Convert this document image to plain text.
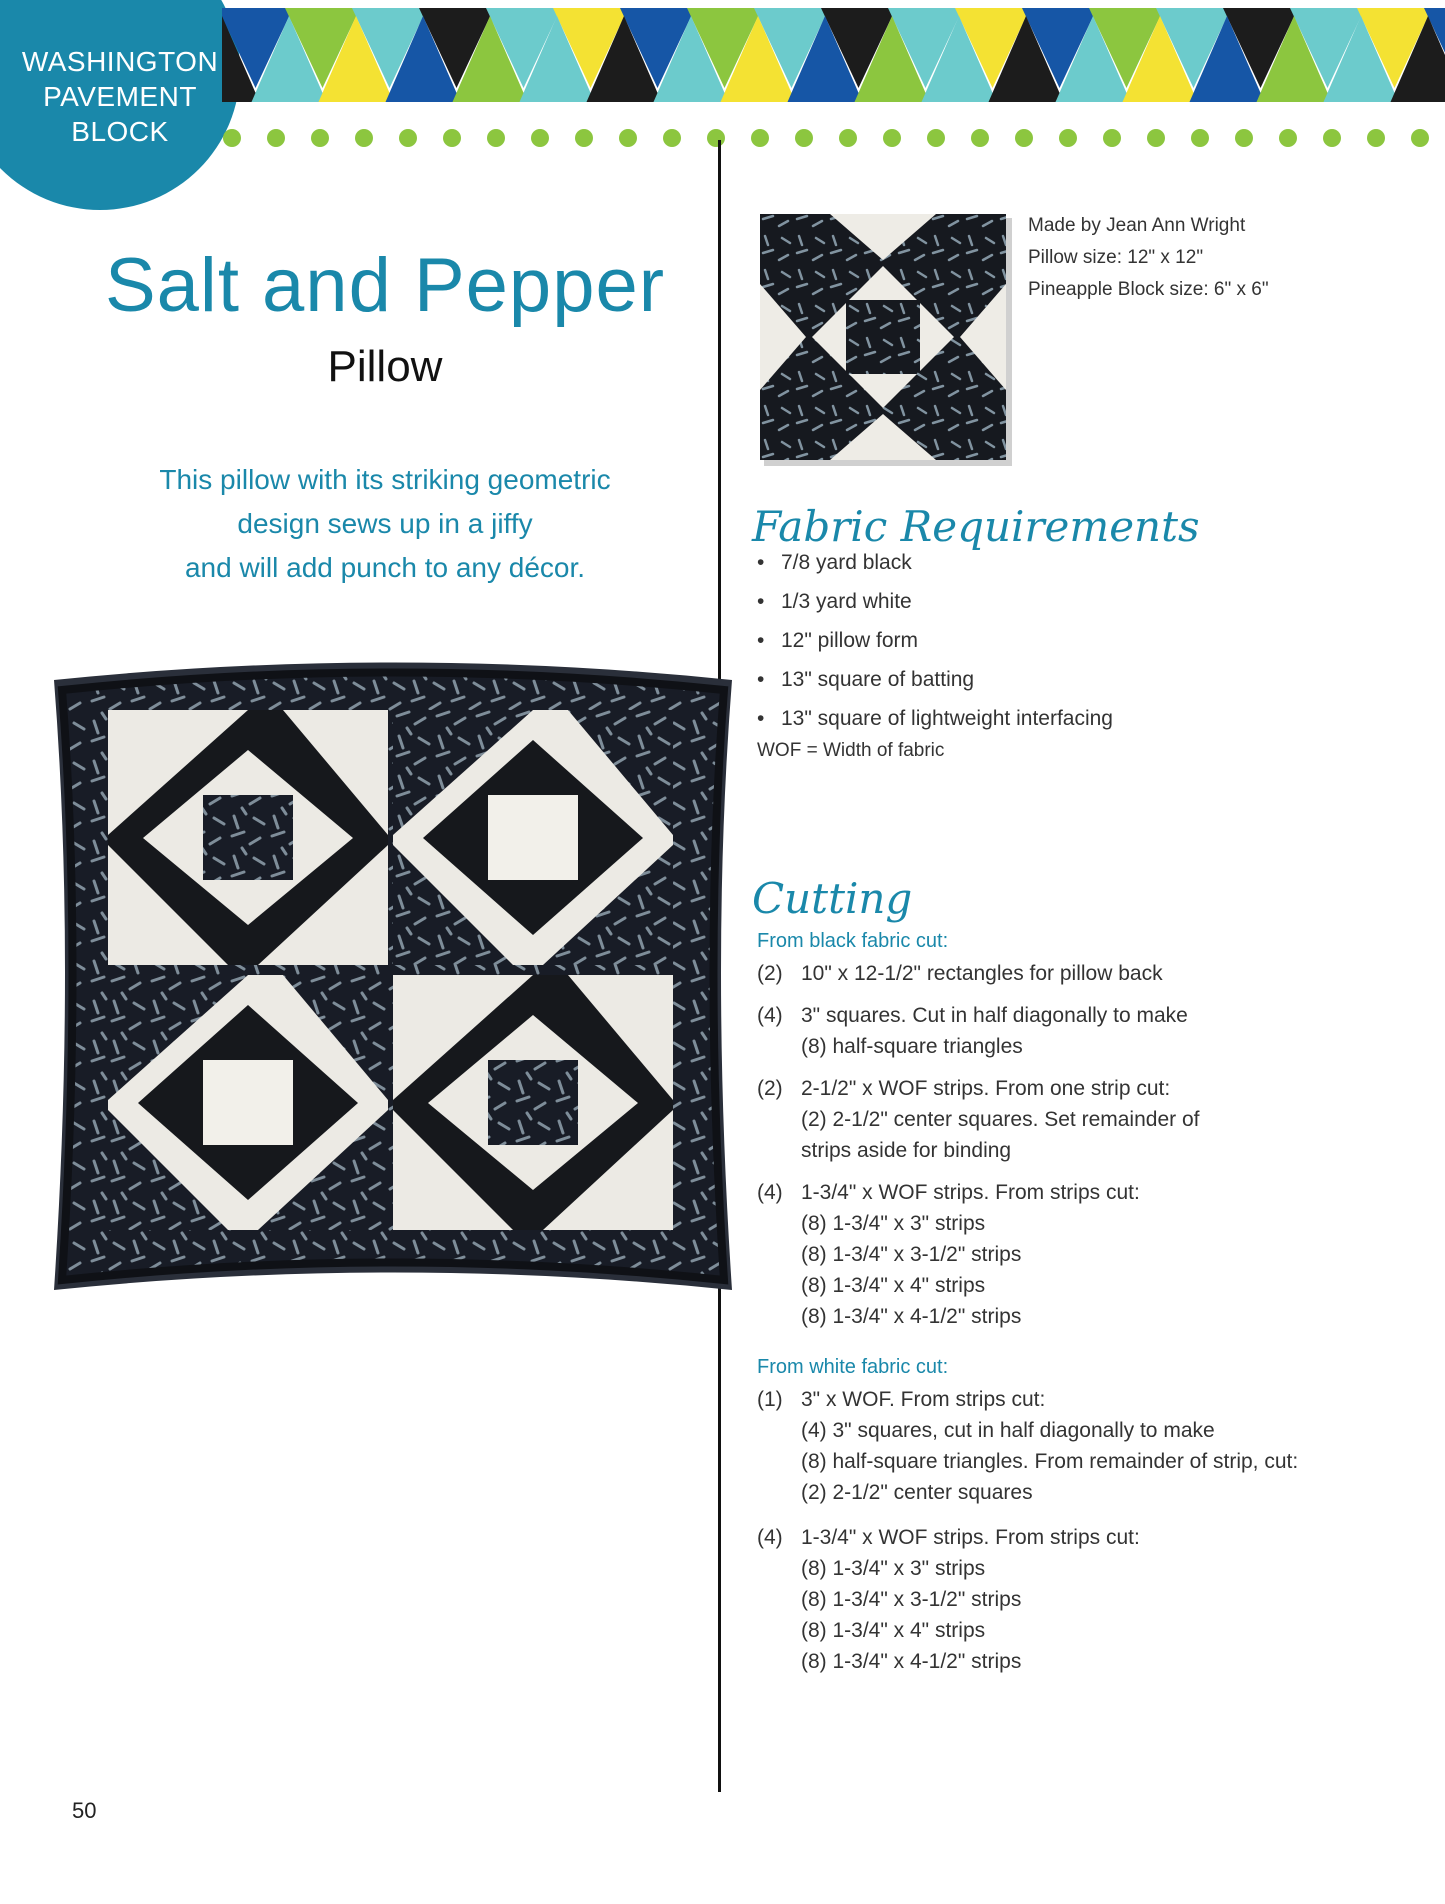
WASHINGTON
PAVEMENT
BLOCK
Salt and Pepper
Pillow
This pillow with its striking geometric
design sews up in a jiffy
and will add punch to any décor.
Made by Jean Ann Wright
Pillow size: 12" x 12"
Pineapple Block size: 6" x 6"
Fabric Requirements
• 7/8 yard black
• 1/3 yard white
• 12" pillow form
• 13" square of batting
• 13" square of lightweight interfacing
WOF = Width of fabric
Cutting
From black fabric cut:
(2) 10" x 12-1/2" rectangles for pillow back
(4) 3" squares. Cut in half diagonally to make
(8) half-square triangles
(2) 2-1/2" x WOF strips. From one strip cut:
(2) 2-1/2" center squares. Set remainder of
strips aside for binding
(4) 1-3/4" x WOF strips. From strips cut:
(8) 1-3/4" x 3" strips
(8) 1-3/4" x 3-1/2" strips
(8) 1-3/4" x 4" strips
(8) 1-3/4" x 4-1/2" strips
From white fabric cut:
(1) 3" x WOF. From strips cut:
(4) 3" squares, cut in half diagonally to make
(8) half-square triangles. From remainder of strip, cut:
(2) 2-1/2" center squares
(4) 1-3/4" x WOF strips. From strips cut:
(8) 1-3/4" x 3" strips
(8) 1-3/4" x 3-1/2" strips
(8) 1-3/4" x 4" strips
(8) 1-3/4" x 4-1/2" strips
50
